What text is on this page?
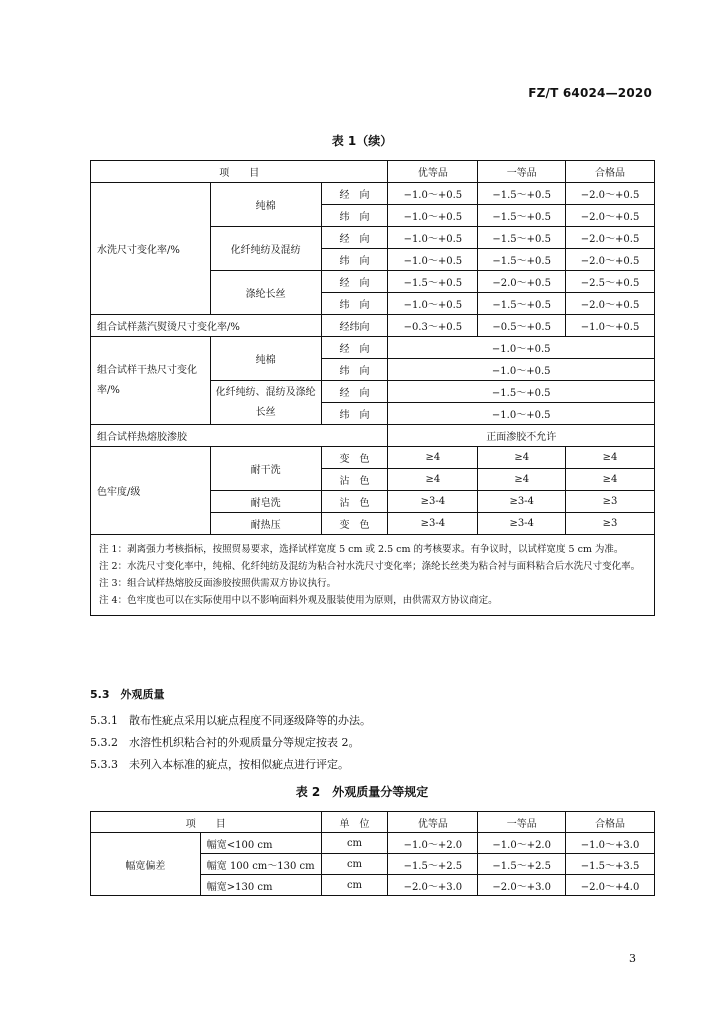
FZ/T 64024—2020
表 1（续）
项　　目			优等品	一等品	合格品
水洗尺寸变化率/%	纯棉	经　向	−1.0～+0.5	−1.5～+0.5	−2.0～+0.5
		纬　向	−1.0～+0.5	−1.5～+0.5	−2.0～+0.5
	化纤纯纺及混纺	经　向	−1.0～+0.5	−1.5～+0.5	−2.0～+0.5
		纬　向	−1.0～+0.5	−1.5～+0.5	−2.0～+0.5
	涤纶长丝	经　向	−1.5～+0.5	−2.0～+0.5	−2.5～+0.5
		纬　向	−1.0～+0.5	−1.5～+0.5	−2.0～+0.5
组合试样蒸汽熨烫尺寸变化率/%		经纬向	−0.3～+0.5	−0.5～+0.5	−1.0～+0.5
组合试样干热尺寸变化率/%	纯棉	经　向	−1.0～+0.5		
		纬　向	−1.0～+0.5		
	化纤纯纺、混纺及涤纶长丝	经　向	−1.5～+0.5		
		纬　向	−1.0～+0.5		
组合试样热熔胶渗胶			正面渗胶不允许		
色牢度/级	耐干洗	变　色	≥4	≥4	≥4
		沾　色	≥4	≥4	≥4
	耐皂洗	沾　色	≥3-4	≥3-4	≥3
	耐热压	变　色	≥3-4	≥3-4	≥3

注 1：剥离强力考核指标，按照贸易要求，选择试样宽度 5 cm 或 2.5 cm 的考核要求。有争议时，以试样宽度 5 cm 为准。
注 2：水洗尺寸变化率中，纯棉、化纤纯纺及混纺为粘合衬水洗尺寸变化率；涤纶长丝类为粘合衬与面料粘合后水洗尺寸变化率。
注 3：组合试样热熔胶反面渗胶按照供需双方协议执行。
注 4：色牢度也可以在实际使用中以不影响面料外观及服装使用为原则，由供需双方协议商定。					
5.3　外观质量
5.3.1　散布性疵点采用以疵点程度不同逐级降等的办法。
5.3.2　水溶性机织粘合衬的外观质量分等规定按表 2。
5.3.3　未列入本标准的疵点，按相似疵点进行评定。
表 2　外观质量分等规定
项　　目		单　位	优等品	一等品	合格品
幅宽偏差	幅宽<100 cm	cm	−1.0～+2.0	−1.0～+2.0	−1.0～+3.0
	幅宽 100 cm～130 cm	cm	−1.5～+2.5	−1.5～+2.5	−1.5～+3.5
	幅宽>130 cm	cm	−2.0～+3.0	−2.0～+3.0	−2.0～+4.0
3
